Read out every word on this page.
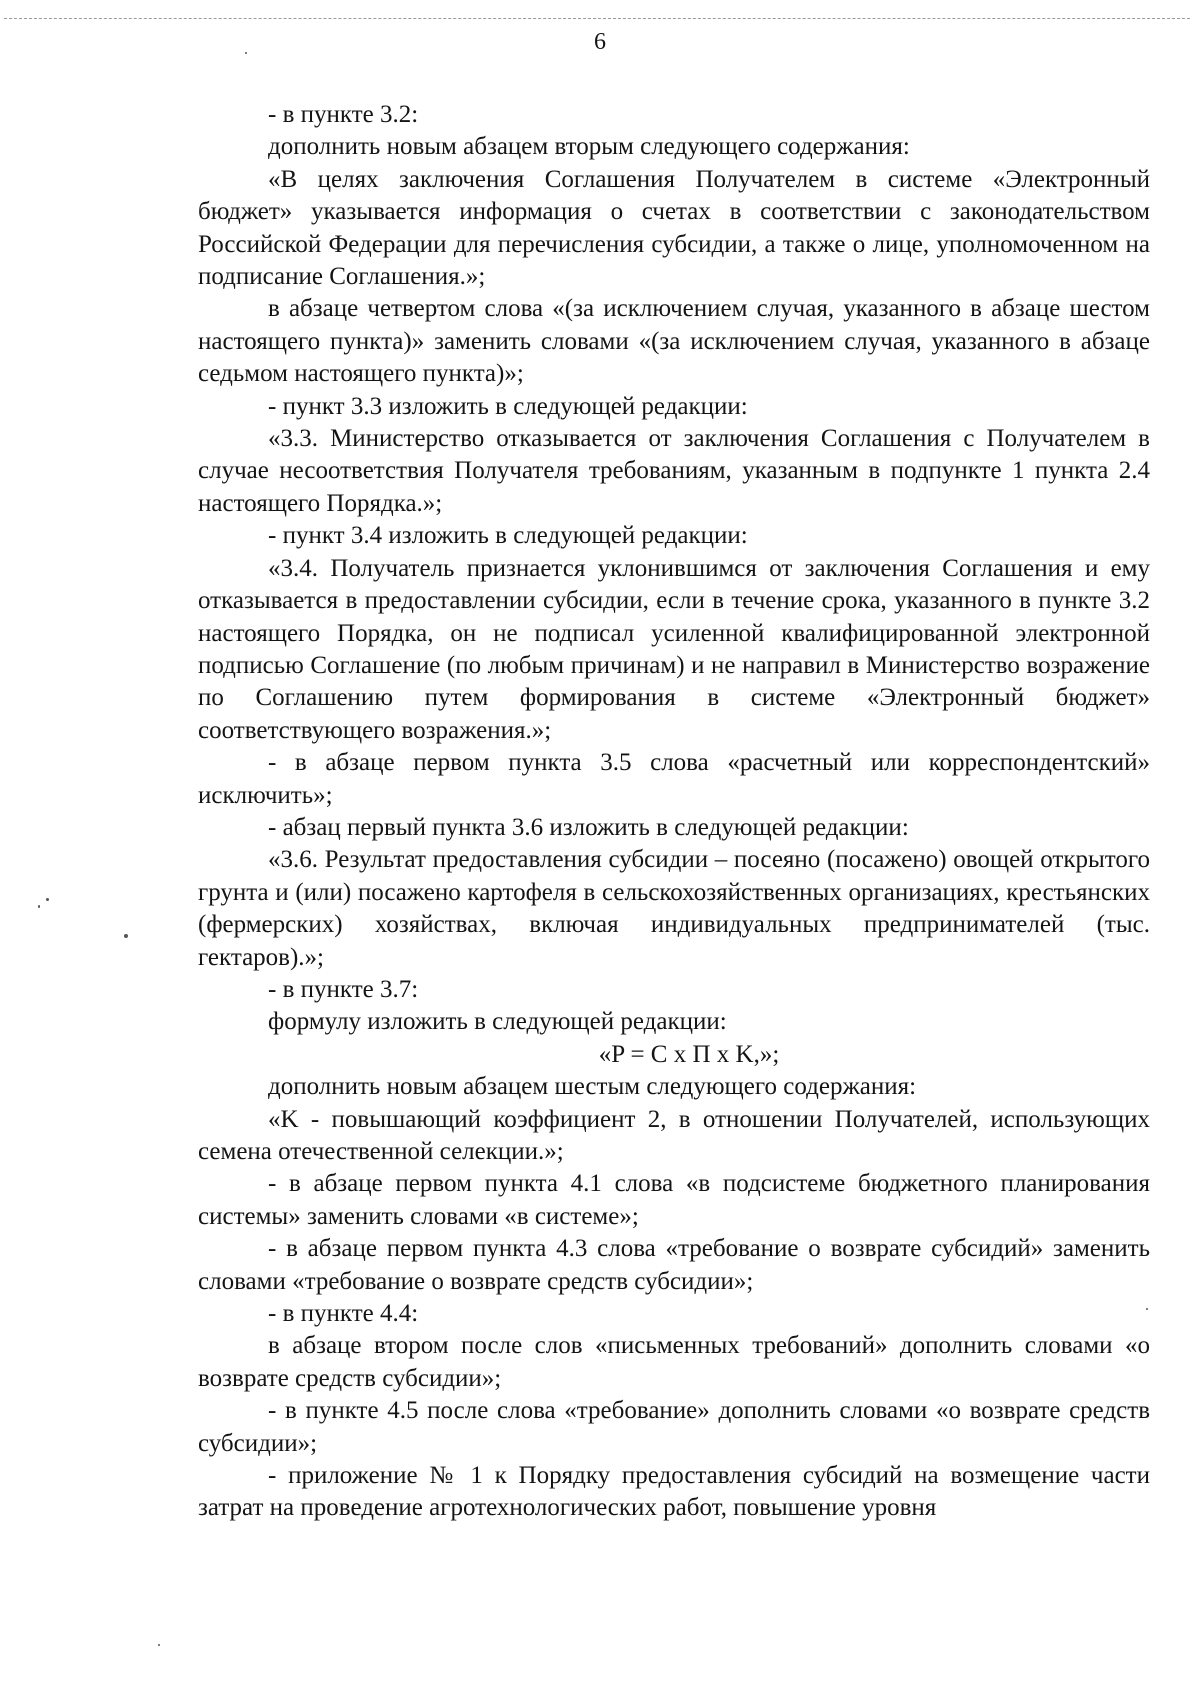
6

- в пункте 3.2:

дополнить новым абзацем вторым следующего содержания:

«В целях заключения Соглашения Получателем в системе «Электронный бюджет» указывается информация о счетах в соответствии с законодательством Российской Федерации для перечисления субсидии, а также о лице, уполномоченном на подписание Соглашения.»;

в абзаце четвертом слова «(за исключением случая, указанного в абзаце шестом настоящего пункта)» заменить словами «(за исключением случая, указанного в абзаце седьмом настоящего пункта)»;

- пункт 3.3 изложить в следующей редакции:

«3.3. Министерство отказывается от заключения Соглашения с Получателем в случае несоответствия Получателя требованиям, указанным в подпункте 1 пункта 2.4 настоящего Порядка.»;

- пункт 3.4 изложить в следующей редакции:

«3.4. Получатель признается уклонившимся от заключения Соглашения и ему отказывается в предоставлении субсидии, если в течение срока, указанного в пункте 3.2 настоящего Порядка, он не подписал усиленной квалифицированной электронной подписью Соглашение (по любым причинам) и не направил в Министерство возражение по Соглашению путем формирования в системе «Электронный бюджет» соответствующего возражения.»;

- в абзаце первом пункта 3.5 слова «расчетный или корреспондентский» исключить»;

- абзац первый пункта 3.6 изложить в следующей редакции:

«3.6. Результат предоставления субсидии – посеяно (посажено) овощей открытого грунта и (или) посажено картофеля в сельскохозяйственных организациях, крестьянских (фермерских) хозяйствах, включая индивидуальных предпринимателей (тыс. гектаров).»;

- в пункте 3.7:

формулу изложить в следующей редакции:

«P = C x П x K,»;

дополнить новым абзацем шестым следующего содержания:

«K - повышающий коэффициент 2, в отношении Получателей, использующих семена отечественной селекции.»;

- в абзаце первом пункта 4.1 слова «в подсистеме бюджетного планирования системы» заменить словами «в системе»;

- в абзаце первом пункта 4.3 слова «требование о возврате субсидий» заменить словами «требование о возврате средств субсидии»;

- в пункте 4.4:

в абзаце втором после слов «письменных требований» дополнить словами «о возврате средств субсидии»;

- в пункте 4.5 после слова «требование» дополнить словами «о возврате средств субсидии»;

- приложение № 1 к Порядку предоставления субсидий на возмещение части затрат на проведение агротехнологических работ, повышение уровня
